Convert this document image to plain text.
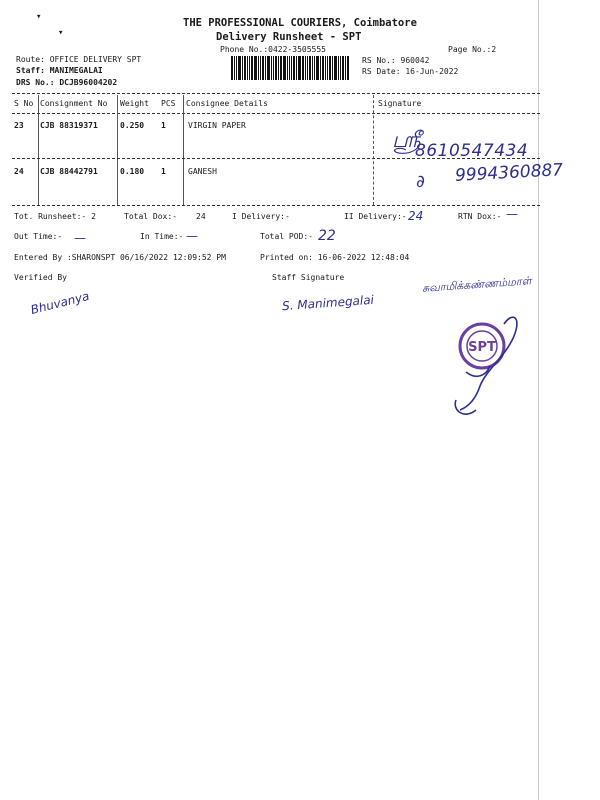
▾
▾
THE PROFESSIONAL COURIERS, Coimbatore
Delivery Runsheet - SPT
Phone No.:0422-3505555	Page No.:2
Route: OFFICE DELIVERY SPT
Staff: MANIMEGALAI
DRS No.: DCJB96004202
RS No.: 960042
RS Date: 16-Jun-2022
S No Consignment No Weight PCS Consignee Details	Signature
23 CJB 88319371	0.250 1	VIRGIN PAPER
24 CJB 88442791	0.180 1	GANESH
ஸ்ரீ
8610547434
∂ 9994360887
Tot. Runsheet:- 2	Total Dox:- 24	I Delivery:-	II Delivery:- 24	RTN Dox:- —
Out Time:- —	In Time:- —	Total POD:- 22
Entered By :SHARONSPT 06/16/2022 12:09:52 PM	Printed on: 16-06-2022 12:48:04
Verified By	Staff Signature
Bhuvanya	S. Manimegalai
சுவாமிக்கண்ணம்மாள்
SPT
